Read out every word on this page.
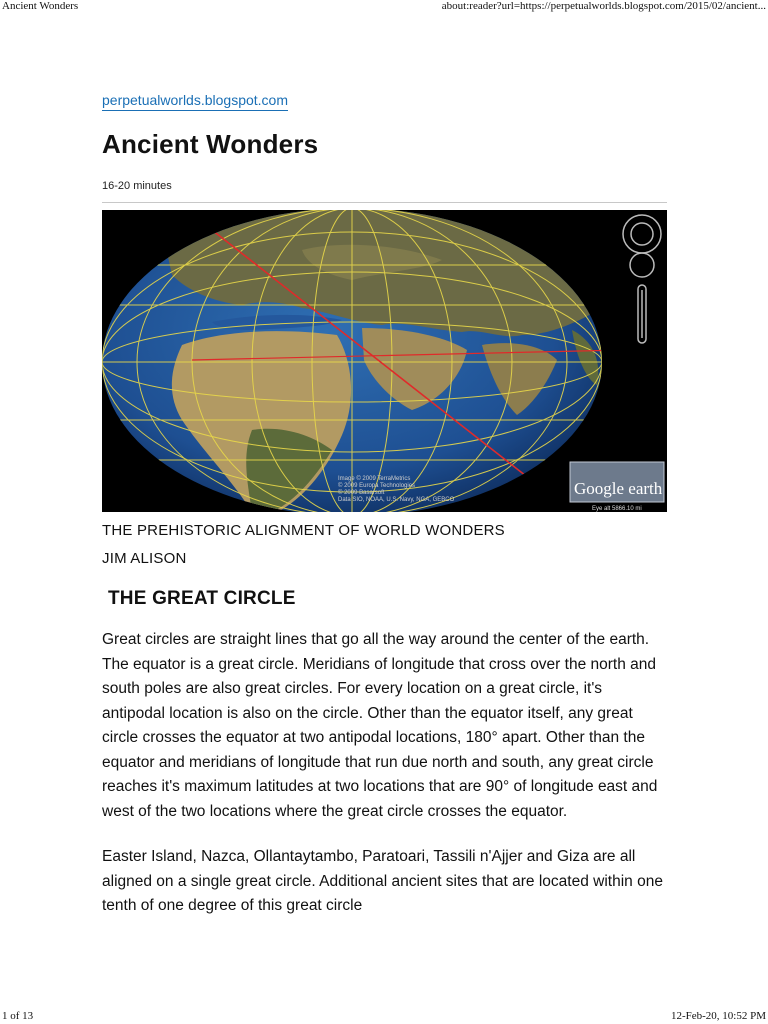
Ancient Wonders	about:reader?url=https://perpetualworlds.blogspot.com/2015/02/ancient...
perpetualworlds.blogspot.com
Ancient Wonders
16-20 minutes
Google earth
Eye alt 5866.10 mi
Image © 2009 TerraMetrics
© 2009 Europa Technologies
© 2009 Basarsoft
Data SIO, NOAA, U.S. Navy, NGA, GEBCO
THE PREHISTORIC ALIGNMENT OF WORLD WONDERS
JIM ALISON
THE GREAT CIRCLE
Great circles are straight lines that go all the way around the center of the earth. The equator is a great circle. Meridians of longitude that cross over the north and south poles are also great circles. For every location on a great circle, it's antipodal location is also on the circle. Other than the equator itself, any great circle crosses the equator at two antipodal locations, 180° apart. Other than the equator and meridians of longitude that run due north and south, any great circle reaches it's maximum latitudes at two locations that are 90° of longitude east and west of the two locations where the great circle crosses the equator.
Easter Island, Nazca, Ollantaytambo, Paratoari, Tassili n'Ajjer and Giza are all aligned on a single great circle. Additional ancient sites that are located within one tenth of one degree of this great circle
1 of 13	12-Feb-20, 10:52 PM
